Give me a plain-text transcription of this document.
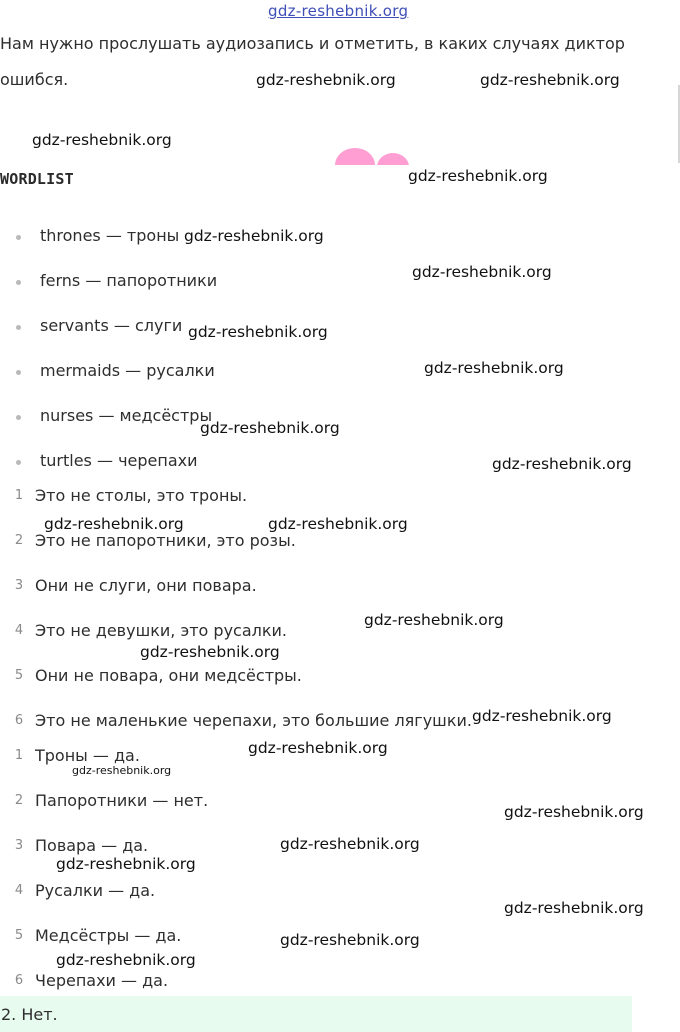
gdz-reshebnik.org
Нам нужно прослушать аудиозапись и отметить, в каких случаях диктор
ошибся.
WORDLIST
thrones — троны
ferns — папоротники
servants — слуги
mermaids — русалки
nurses — медсёстры
turtles — черепахи
1 Это не столы, это троны.
2 Это не папоротники, это розы.
3 Они не слуги, они повара.
4 Это не девушки, это русалки.
5 Они не повара, они медсёстры.
6 Это не маленькие черепахи, это большие лягушки.
1 Троны — да.
2 Папоротники — нет.
3 Повара — да.
4 Русалки — да.
5 Медсёстры — да.
6 Черепахи — да.
2. Нет.
gdz-reshebnik.org	gdz-reshebnik.org
gdz-reshebnik.org
gdz-reshebnik.org
gdz-reshebnik.org
gdz-reshebnik.org
gdz-reshebnik.org
gdz-reshebnik.org
gdz-reshebnik.org
gdz-reshebnik.org
gdz-reshebnik.org	gdz-reshebnik.org
gdz-reshebnik.org
gdz-reshebnik.org
gdz-reshebnik.org
gdz-reshebnik.org
gdz-reshebnik.org
gdz-reshebnik.org
gdz-reshebnik.org
gdz-reshebnik.org
gdz-reshebnik.org
gdz-reshebnik.org
gdz-reshebnik.org
